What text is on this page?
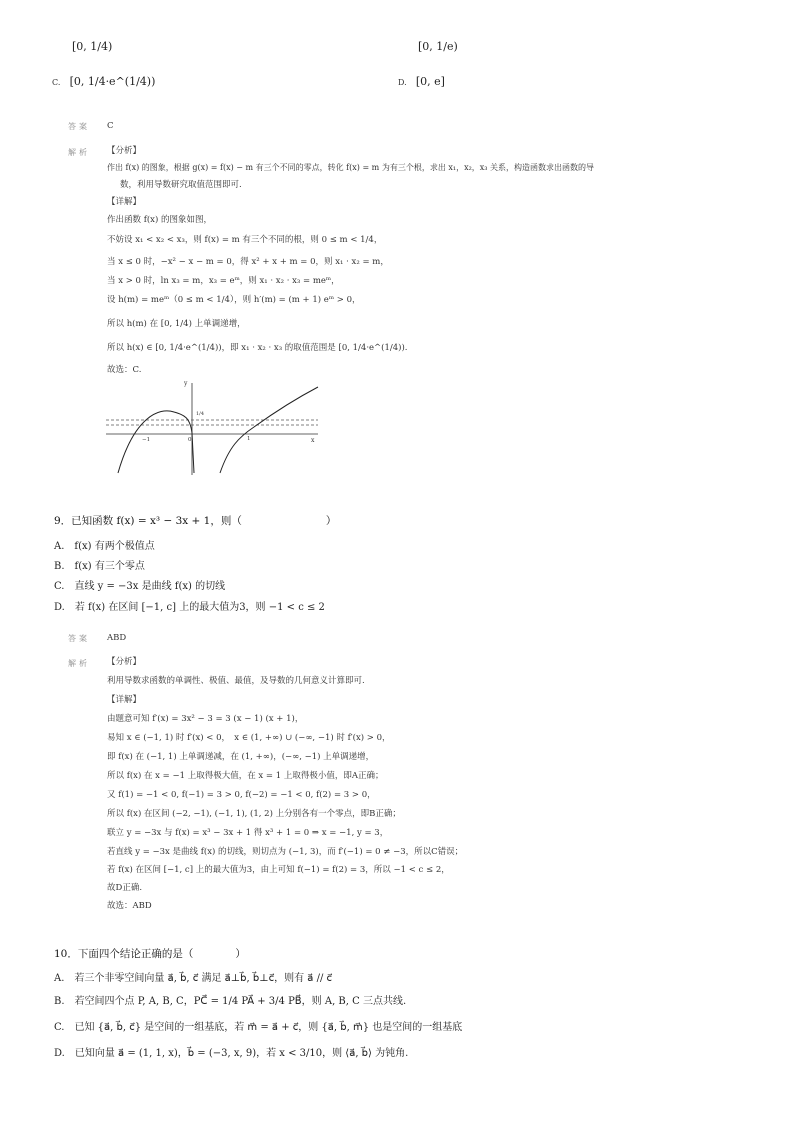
[0, 1/4)	[0, 1/e)
C. [0, 1/4·e^(1/4))	D. [0, e]
答案 C
解析 【分析】
作出 f(x) 的图象，根据 g(x) = f(x) − m 有三个不同的零点，转化 f(x) = m 为有三个根，求出 x₁，x₂，x₃ 关系，构造函数求出函数的导
数，利用导数研究取值范围即可.
【详解】
作出函数 f(x) 的图象如图，
不妨设 x₁ < x₂ < x₃，则 f(x) = m 有三个不同的根，则 0 ≤ m < 1/4，
当 x ≤ 0 时，−x² − x − m = 0，得 x² + x + m = 0，则 x₁ · x₂ = m，
当 x > 0 时，ln x₃ = m，x₃ = eᵐ，则 x₁ · x₂ · x₃ = meᵐ，
设 h(m) = meᵐ（0 ≤ m < 1/4），则 h′(m) = (m + 1) eᵐ > 0，
所以 h(m) 在 [0, 1/4) 上单调递增，
所以 h(x) ∈ [0, 1/4·e^(1/4))，即 x₁ · x₂ · x₃ 的取值范围是 [0, 1/4·e^(1/4)).
故选：C.
y
x
1/4
−1	0	1
9．已知函数 f(x) = x³ − 3x + 1，则（　　　　　　　　）
A.　f(x) 有两个极值点
B.　f(x) 有三个零点
C.　直线 y = −3x 是曲线 f(x) 的切线
D.　若 f(x) 在区间 [−1, c] 上的最大值为3，则 −1 < c ≤ 2
答案 ABD
解析 【分析】
利用导数求函数的单调性、极值、最值，及导数的几何意义计算即可.
【详解】
由题意可知 f′(x) = 3x² − 3 = 3 (x − 1) (x + 1)，
易知 x ∈ (−1, 1) 时 f′(x) < 0，　x ∈ (1, +∞) ∪ (−∞, −1) 时 f′(x) > 0，
即 f(x) 在 (−1, 1) 上单调递减，在 (1, +∞)，(−∞, −1) 上单调递增，
所以 f(x) 在 x = −1 上取得极大值，在 x = 1 上取得极小值，即A正确；
又 f(1) = −1 < 0, f(−1) = 3 > 0, f(−2) = −1 < 0, f(2) = 3 > 0，
所以 f(x) 在区间 (−2, −1), (−1, 1), (1, 2) 上分别各有一个零点，即B正确；
联立 y = −3x 与 f(x) = x³ − 3x + 1 得 x³ + 1 = 0 ⇒ x = −1, y = 3，
若直线 y = −3x 是曲线 f(x) 的切线，则切点为 (−1, 3)，而 f′(−1) = 0 ≠ −3，所以C错误；
若 f(x) 在区间 [−1, c] 上的最大值为3，由上可知 f(−1) = f(2) = 3，所以 −1 < c ≤ 2，
故D正确.
故选：ABD
10．下面四个结论正确的是（　　　　）
A.　若三个非零空间向量 a⃗, b⃗, c⃗ 满足 a⃗⊥b⃗, b⃗⊥c⃗，则有 a⃗ // c⃗
B.　若空间四个点 P, A, B, C，PC⃗ = 1/4 PA⃗ + 3/4 PB⃗，则 A, B, C 三点共线.
C.　已知 {a⃗, b⃗, c⃗} 是空间的一组基底，若 m⃗ = a⃗ + c⃗，则 {a⃗, b⃗, m⃗} 也是空间的一组基底
D.　已知向量 a⃗ = (1, 1, x)，b⃗ = (−3, x, 9)，若 x < 3/10，则 ⟨a⃗, b⃗⟩ 为钝角.
